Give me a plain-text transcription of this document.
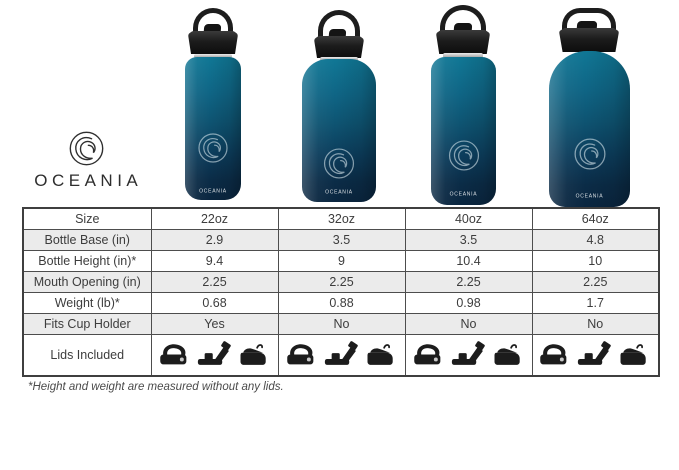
OCEANIA
OCEANIA	OCEANIA	OCEANIA	OCEANIA
Size	22oz	32oz	40oz	64oz
Bottle Base (in)	2.9	3.5	3.5	4.8
Bottle Height (in)*	9.4	9	10.4	10
Mouth Opening (in)	2.25	2.25	2.25	2.25
Weight (lb)*	0.68	0.88	0.98	1.7
Fits Cup Holder	Yes	No	No	No
Lids Included	

*Height and weight are measured without any lids.
